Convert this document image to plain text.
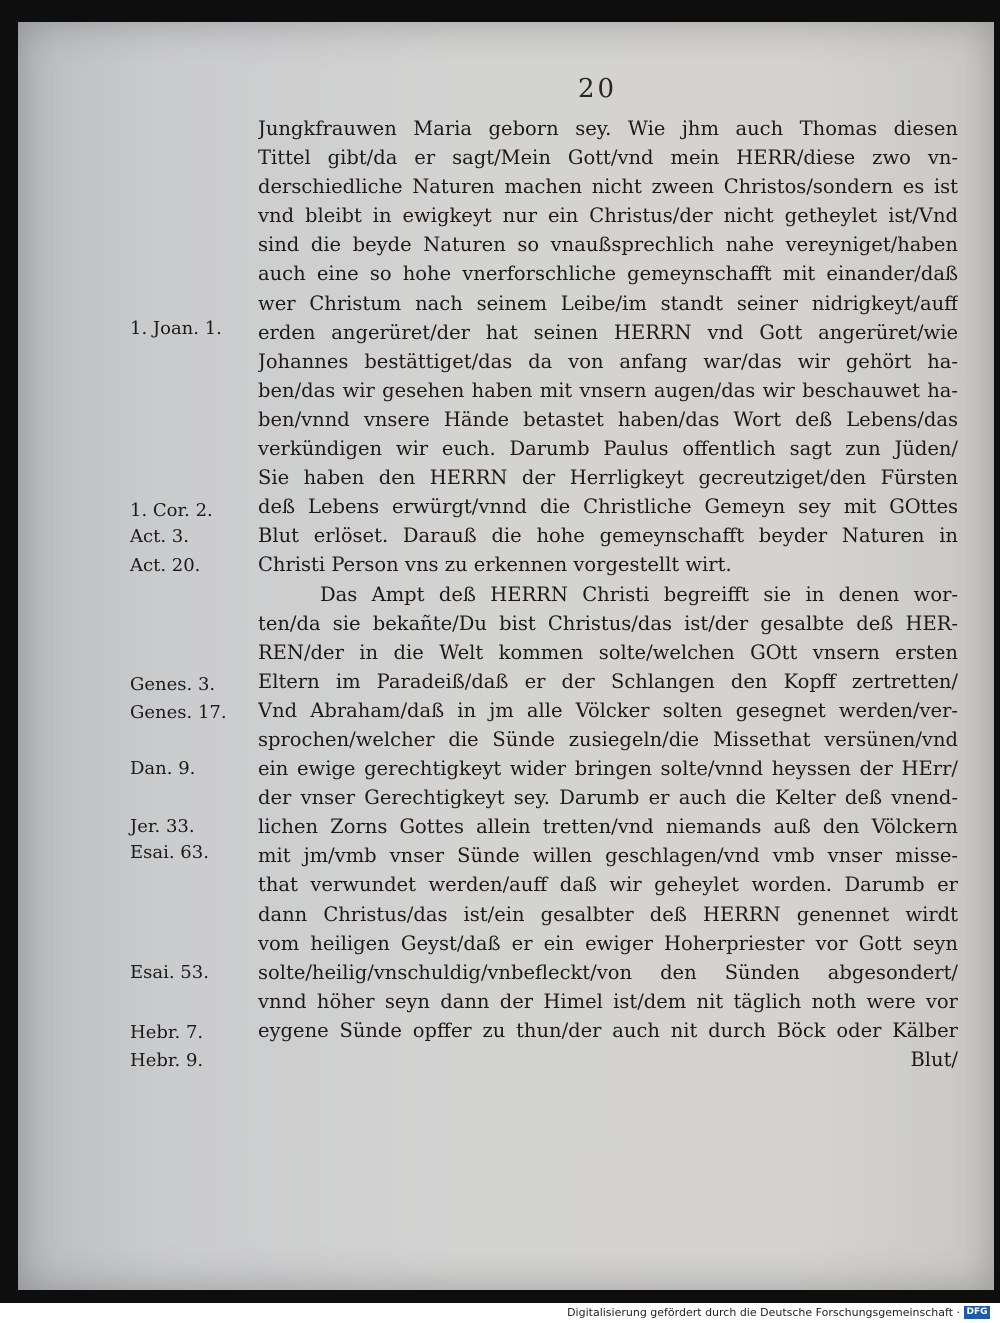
20
Jungkfrauwen Maria geborn sey. Wie jhm auch Thomas diesen
Tittel gibt/da er sagt/Mein Gott/vnd mein HERR/diese zwo vn-
derschiedliche Naturen machen nicht zween Christos/sondern es ist
vnd bleibt in ewigkeyt nur ein Christus/der nicht getheylet ist/Vnd
sind die beyde Naturen so vnaußsprechlich nahe vereyniget/haben
auch eine so hohe vnerforschliche gemeynschafft mit einander/daß
wer Christum nach seinem Leibe/im standt seiner nidrigkeyt/auff
erden angerüret/der hat seinen HERRN vnd Gott angerüret/wie
Johannes bestättiget/das da von anfang war/das wir gehört ha-
ben/das wir gesehen haben mit vnsern augen/das wir beschauwet ha-
ben/vnnd vnsere Hände betastet haben/das Wort deß Lebens/das
verkündigen wir euch. Darumb Paulus offentlich sagt zun Jüden/
Sie haben den HERRN der Herrligkeyt gecreutziget/den Fürsten
deß Lebens erwürgt/vnnd die Christliche Gemeyn sey mit GOttes
Blut erlöset. Darauß die hohe gemeynschafft beyder Naturen in
Christi Person vns zu erkennen vorgestellt wirt.
Das Ampt deß HERRN Christi begreifft sie in denen wor-
ten/da sie bekañte/Du bist Christus/das ist/der gesalbte deß HER-
REN/der in die Welt kommen solte/welchen GOtt vnsern ersten
Eltern im Paradeiß/daß er der Schlangen den Kopff zertretten/
Vnd Abraham/daß in jm alle Völcker solten gesegnet werden/ver-
sprochen/welcher die Sünde zusiegeln/die Missethat versünen/vnd
ein ewige gerechtigkeyt wider bringen solte/vnnd heyssen der HErr/
der vnser Gerechtigkeyt sey. Darumb er auch die Kelter deß vnend-
lichen Zorns Gottes allein tretten/vnd niemands auß den Völckern
mit jm/vmb vnser Sünde willen geschlagen/vnd vmb vnser misse-
that verwundet werden/auff daß wir geheylet worden. Darumb er
dann Christus/das ist/ein gesalbter deß HERRN genennet wirdt
vom heiligen Geyst/daß er ein ewiger Hoherpriester vor Gott seyn
solte/heilig/vnschuldig/vnbefleckt/von den Sünden abgesondert/
vnnd höher seyn dann der Himel ist/dem nit täglich noth were vor
eygene Sünde opffer zu thun/der auch nit durch Böck oder Kälber
Blut/
1. Joan. 1.
1. Cor. 2.
Act. 3.
Act. 20.
Genes. 3.
Genes. 17.
Dan. 9.
Jer. 33.
Esai. 63.
Esai. 53.
Hebr. 7.
Hebr. 9.
Digitalisierung gefördert durch die Deutsche Forschungsgemeinschaft · DFG
